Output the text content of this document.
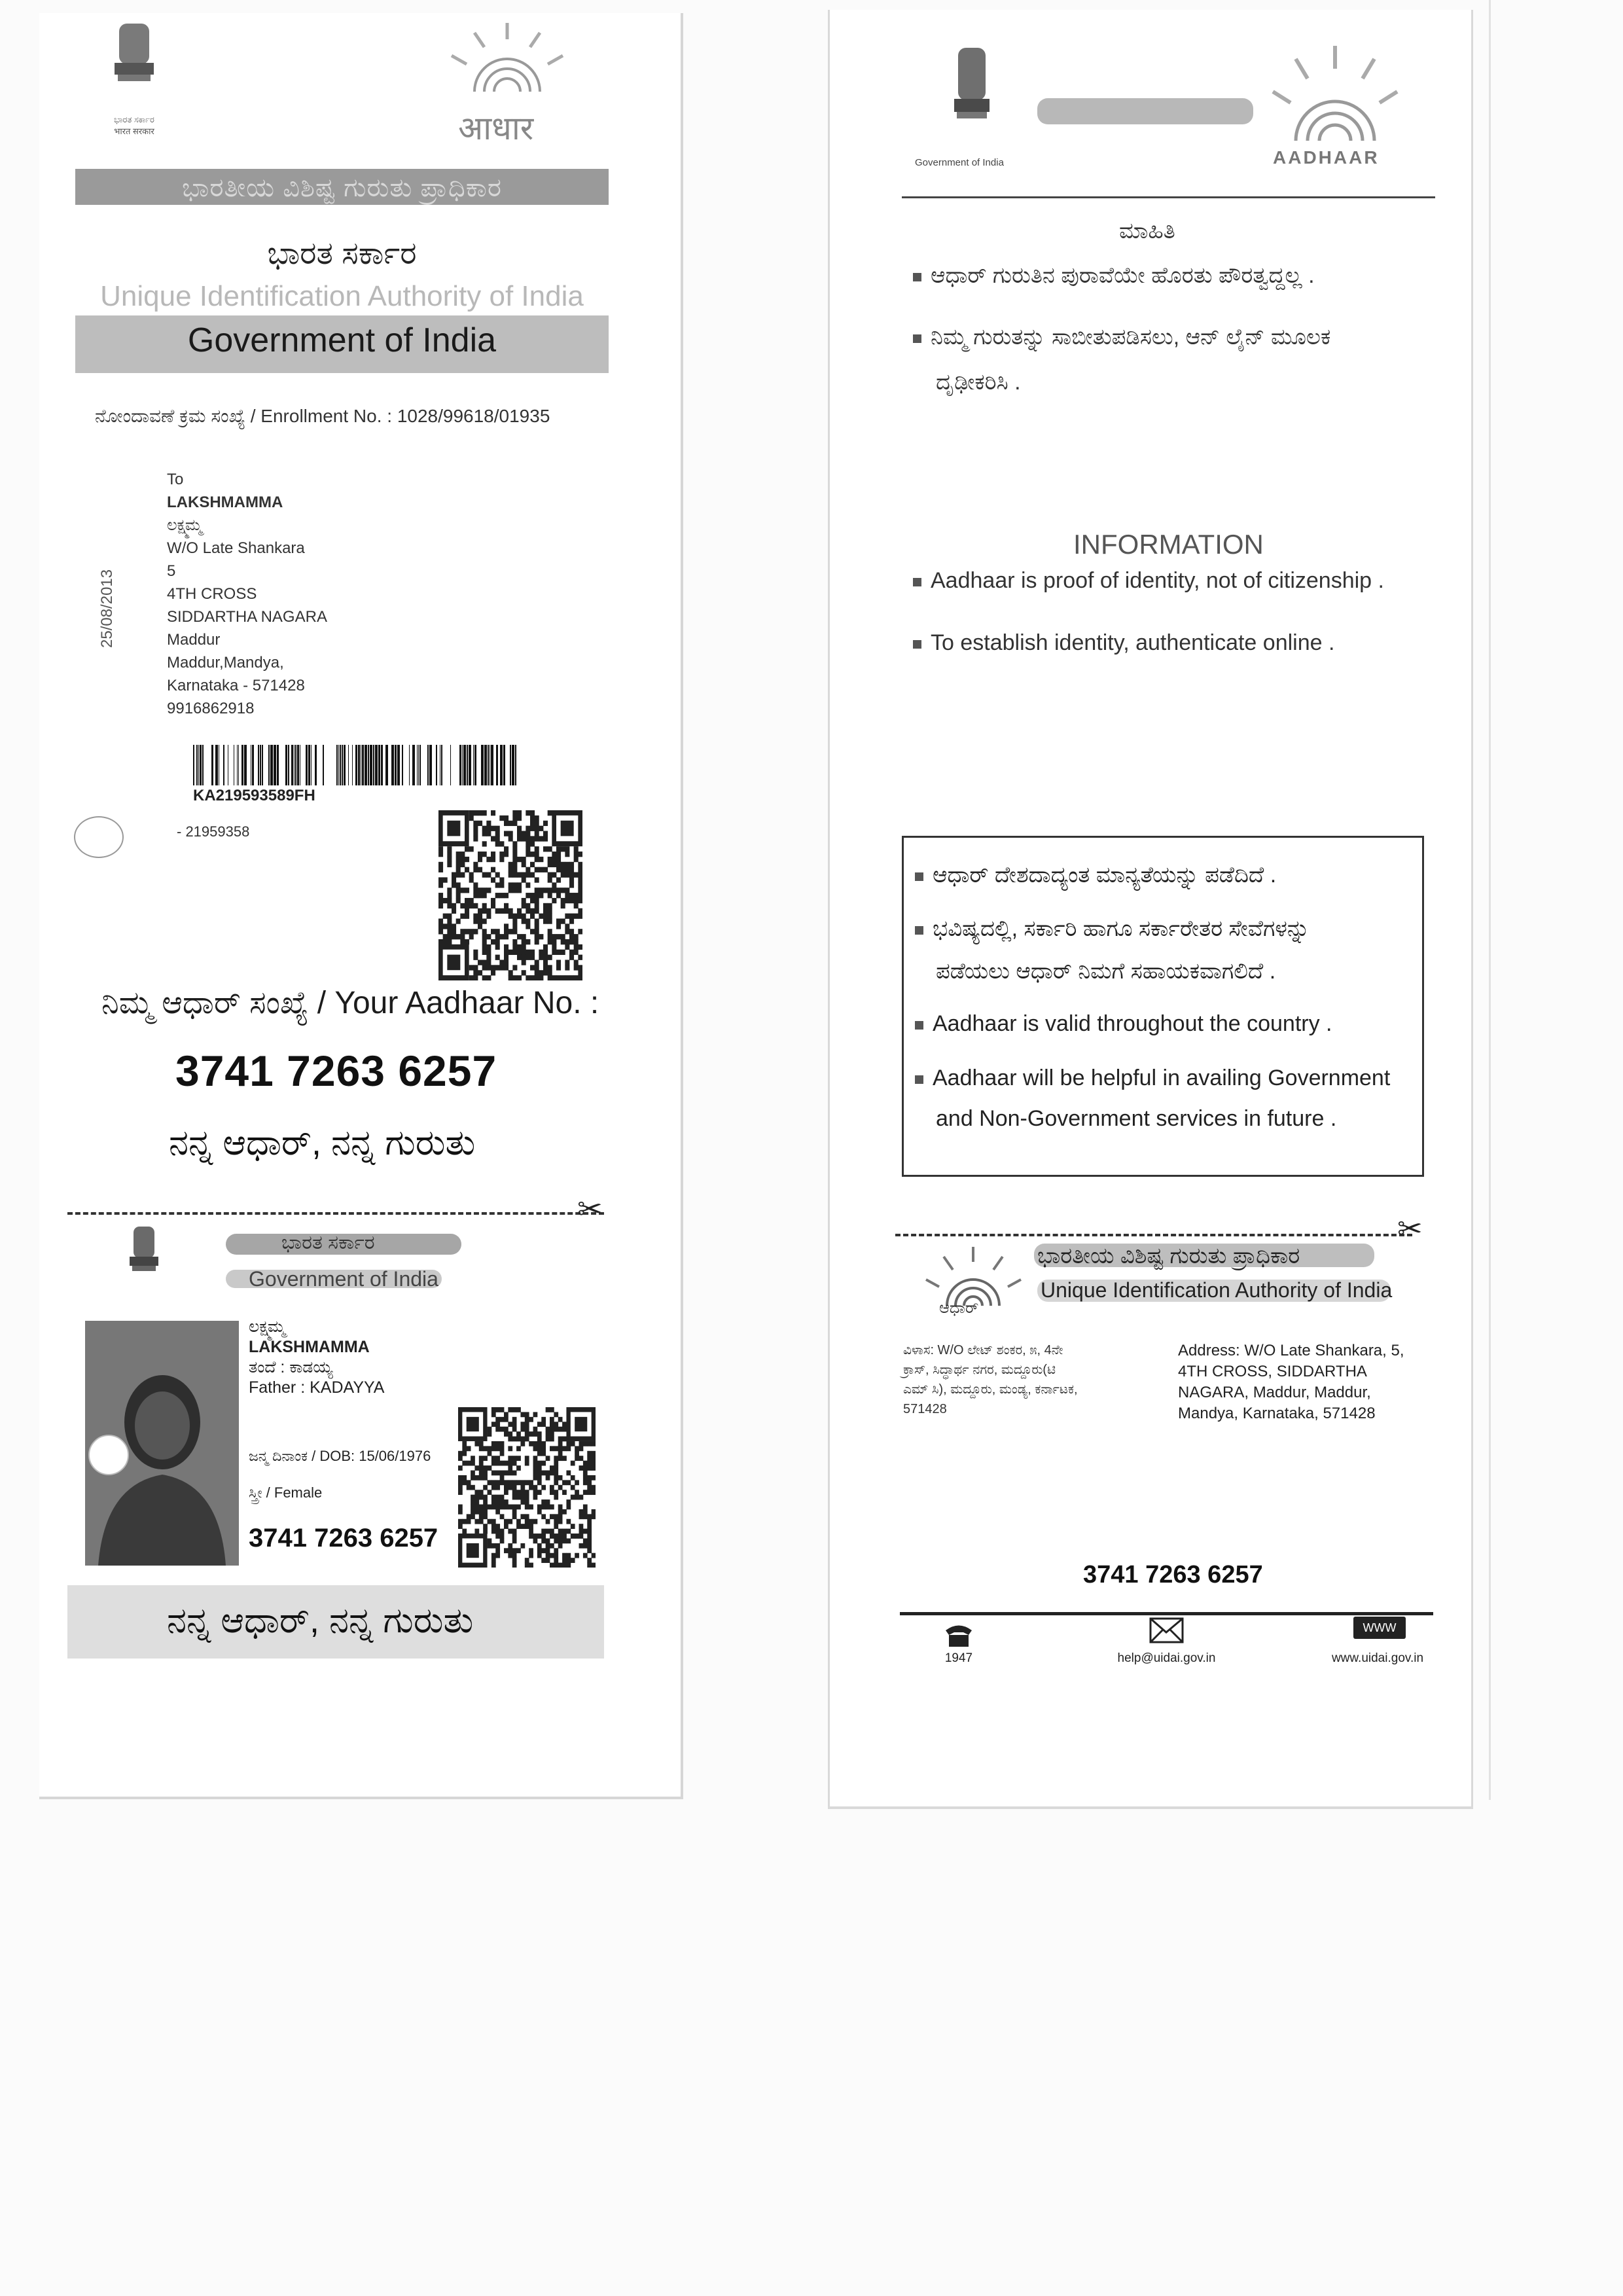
ಭಾರತ ಸರ್ಕಾರ
भारत सरकार	आधार
ಭಾರತೀಯ ವಿಶಿಷ್ಟ ಗುರುತು ಪ್ರಾಧಿಕಾರ
ಭಾರತ ಸರ್ಕಾರ
Unique Identification Authority of India
Government of India
ನೋಂದಾವಣೆ ಕ್ರಮ ಸಂಖ್ಯೆ / Enrollment No. : 1028/99618/01935
25/08/2013
To
LAKSHMAMMA
ಲಕ್ಷ್ಮಮ್ಮ
W/O Late Shankara
5
4TH CROSS
SIDDARTHA NAGARA
Maddur
Maddur,Mandya,
Karnataka - 571428
9916862918
KA219593589FH
- 21959358
ನಿಮ್ಮ ಆಧಾರ್ ಸಂಖ್ಯೆ / Your Aadhaar No. :
3741 7263 6257
ನನ್ನ ಆಧಾರ್, ನನ್ನ ಗುರುತು
✂
ಭಾರತ ಸರ್ಕಾರ
Government of India
ಲಕ್ಷ್ಮಮ್ಮ
LAKSHMAMMA
ತಂದೆ : ಕಾಡಯ್ಯ
Father : KADAYYA
ಜನ್ಮ ದಿನಾಂಕ / DOB: 15/06/1976
ಸ್ತ್ರೀ / Female
3741 7263 6257
ನನ್ನ ಆಧಾರ್, ನನ್ನ ಗುರುತು
Government of India	AADHAAR
ಮಾಹಿತಿ
ಆಧಾರ್ ಗುರುತಿನ ಪುರಾವೆಯೇ ಹೊರತು ಪೌರತ್ವದ್ದಲ್ಲ .
ನಿಮ್ಮ ಗುರುತನ್ನು ಸಾಬೀತುಪಡಿಸಲು, ಆನ್ ಲೈನ್ ಮೂಲಕ
ದೃಢೀಕರಿಸಿ .
INFORMATION
Aadhaar is proof of identity, not of citizenship .
To establish identity, authenticate online .
ಆಧಾರ್ ದೇಶದಾದ್ಯಂತ ಮಾನ್ಯತೆಯನ್ನು ಪಡೆದಿದೆ .
ಭವಿಷ್ಯದಲ್ಲಿ, ಸರ್ಕಾರಿ ಹಾಗೂ ಸರ್ಕಾರೇತರ ಸೇವೆಗಳನ್ನು
ಪಡೆಯಲು ಆಧಾರ್ ನಿಮಗೆ ಸಹಾಯಕವಾಗಲಿದೆ .
Aadhaar is valid throughout the country .
Aadhaar will be helpful in availing Government
and Non-Government services in future .
✂
ಆಧಾರ್
ಭಾರತೀಯ ವಿಶಿಷ್ಟ ಗುರುತು ಪ್ರಾಧಿಕಾರ
Unique Identification Authority of India
ವಿಳಾಸ: W/O ಲೇಟ್ ಶಂಕರ, ೫, 4ನೇ
ಕ್ರಾಸ್, ಸಿದ್ಧಾರ್ಥ ನಗರ, ಮದ್ದೂರು(ಟಿ
ಎಮ್ ಸಿ), ಮದ್ದೂರು, ಮಂಡ್ಯ, ಕರ್ನಾಟಕ,
571428
Address: W/O Late Shankara, 5,
4TH CROSS, SIDDARTHA
NAGARA, Maddur, Maddur,
Mandya, Karnataka, 571428
3741 7263 6257
1947	help@uidai.gov.in
WWW
www.uidai.gov.in
